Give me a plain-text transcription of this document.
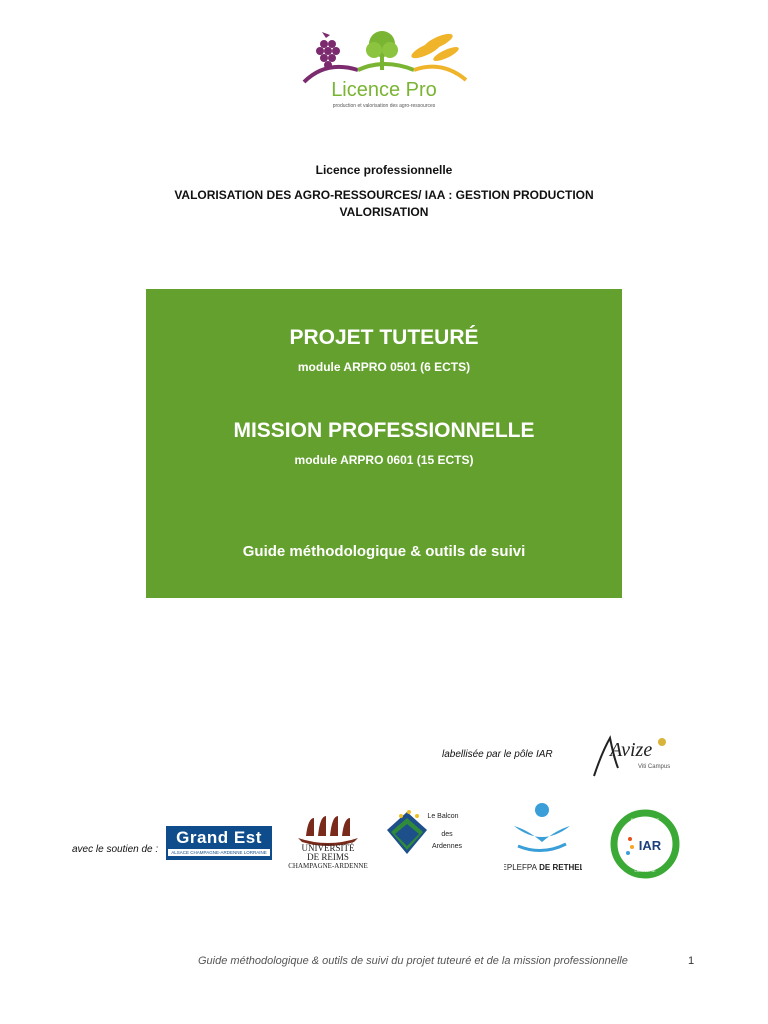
Licence Pro
production et valorisation des agro-ressources
Licence professionnelle
VALORISATION DES AGRO-RESSOURCES/ IAA : GESTION PRODUCTION VALORISATION
PROJET TUTEURÉ
module ARPRO 0501 (6 ECTS)
MISSION PROFESSIONNELLE
module ARPRO 0601 (15 ECTS)
Guide méthodologique & outils de suivi
labellisée par le pôle IAR	Avize
Viti Campus
avec le soutien de :
Grand Est
ALSACE CHAMPAGNE-ARDENNE LORRAINE	UNIVERSITÉ
DE REIMS
CHAMPAGNE-ARDENNE
Le Balcon
des
Ardennes
EPLEFPA DE RETHEL
BIOÉCONOMIE
LABELLISÉ
IAR
Guide méthodologique & outils de suivi du projet tuteuré et de la mission professionnelle	1
